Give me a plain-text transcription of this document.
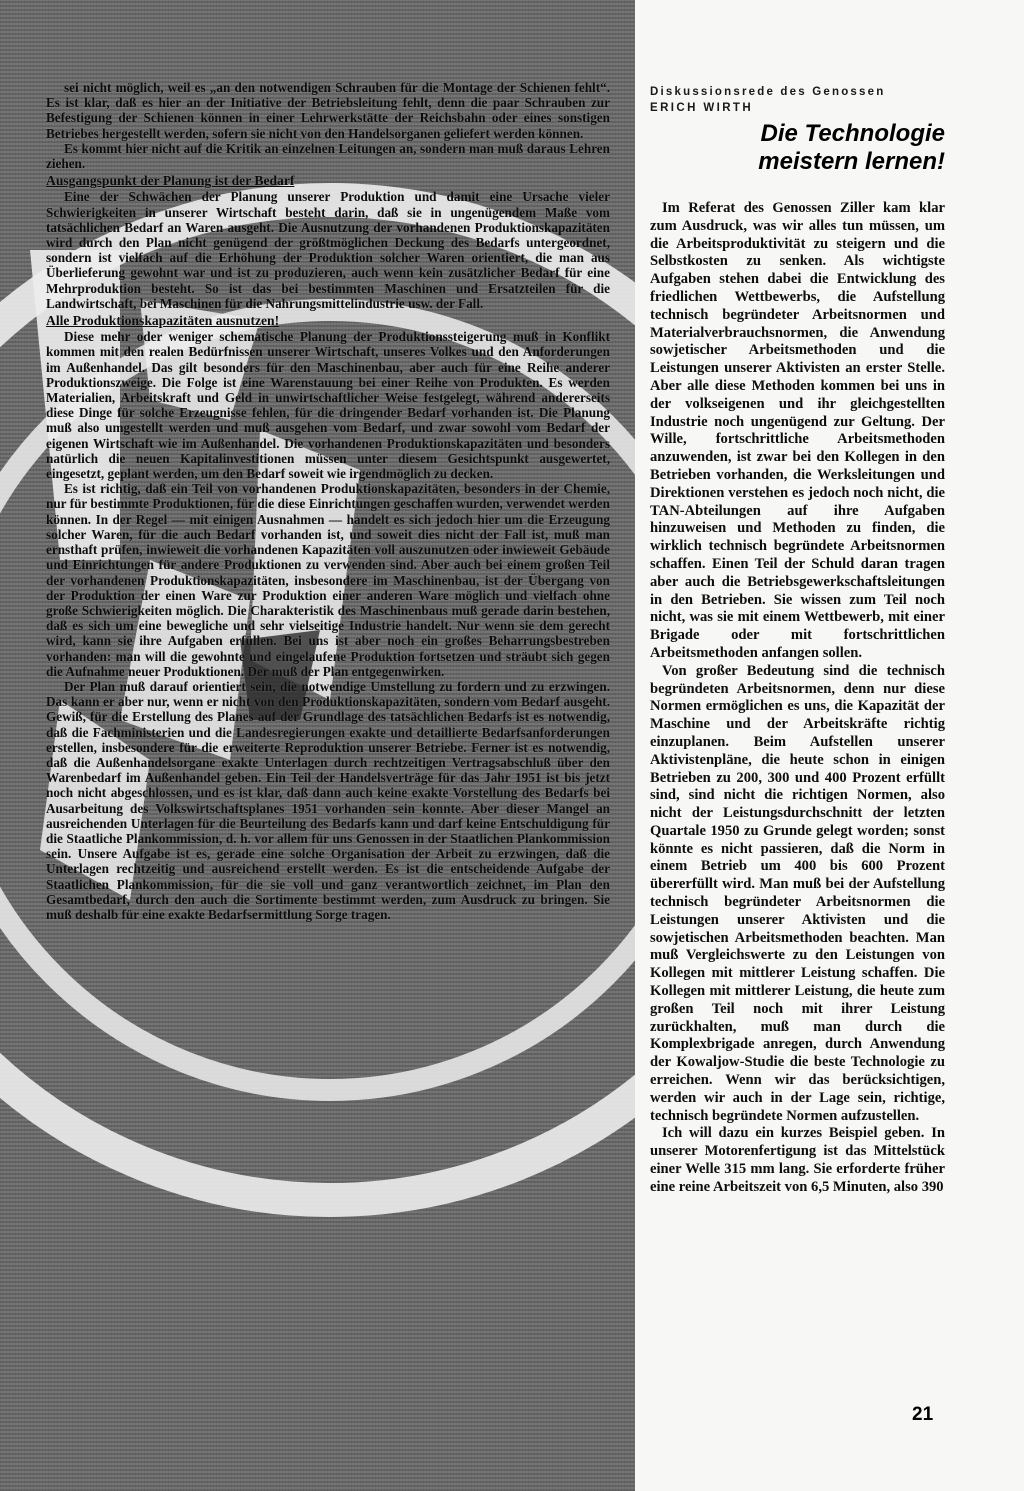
sei nicht möglich, weil es „an den notwendigen Schrauben für die Montage der Schienen fehlt“. Es ist klar, daß es hier an der Initiative der Betriebsleitung fehlt, denn die paar Schrauben zur Befestigung der Schienen können in einer Lehrwerkstätte der Reichsbahn oder eines sonstigen Betriebes hergestellt werden, sofern sie nicht von den Handelsorganen geliefert werden können.

Es kommt hier nicht auf die Kritik an einzelnen Leitungen an, sondern man muß daraus Lehren ziehen.

Ausgangspunkt der Planung ist der Bedarf

Eine der Schwächen der Planung unserer Produktion und damit eine Ursache vieler Schwierigkeiten in unserer Wirtschaft besteht darin, daß sie in ungenügendem Maße vom tatsächlichen Bedarf an Waren ausgeht. Die Ausnutzung der vorhandenen Produktionskapazitäten wird durch den Plan nicht genügend der größtmöglichen Deckung des Bedarfs untergeordnet, sondern ist vielfach auf die Erhöhung der Produktion solcher Waren orientiert, die man aus Überlieferung gewohnt war und ist zu produzieren, auch wenn kein zusätzlicher Bedarf für eine Mehrproduktion besteht. So ist das bei bestimmten Maschinen und Ersatzteilen für die Landwirtschaft, bei Maschinen für die Nahrungsmittelindustrie usw. der Fall.

Alle Produktionskapazitäten ausnutzen!

Diese mehr oder weniger schematische Planung der Produktionssteigerung muß in Konflikt kommen mit den realen Bedürfnissen unserer Wirtschaft, unseres Volkes und den Anforderungen im Außenhandel. Das gilt besonders für den Maschinenbau, aber auch für eine Reihe anderer Produktionszweige. Die Folge ist eine Warenstauung bei einer Reihe von Produkten. Es werden Materialien, Arbeitskraft und Geld in unwirtschaftlicher Weise festgelegt, während andererseits diese Dinge für solche Erzeugnisse fehlen, für die dringender Bedarf vorhanden ist. Die Planung muß also umgestellt werden und muß ausgehen vom Bedarf, und zwar sowohl vom Bedarf der eigenen Wirtschaft wie im Außenhandel. Die vorhandenen Produktionskapazitäten und besonders natürlich die neuen Kapitalinvestitionen müssen unter diesem Gesichtspunkt ausgewertet, eingesetzt, geplant werden, um den Bedarf soweit wie irgendmöglich zu decken.

Es ist richtig, daß ein Teil von vorhandenen Produktionskapazitäten, besonders in der Chemie, nur für bestimmte Produktionen, für die diese Einrichtungen geschaffen wurden, verwendet werden können. In der Regel — mit einigen Ausnahmen — handelt es sich jedoch hier um die Erzeugung solcher Waren, für die auch Bedarf vorhanden ist, und soweit dies nicht der Fall ist, muß man ernsthaft prüfen, inwieweit die vorhandenen Kapazitäten voll auszunutzen oder inwieweit Gebäude und Einrichtungen für andere Produktionen zu verwenden sind. Aber auch bei einem großen Teil der vorhandenen Produktionskapazitäten, insbesondere im Maschinenbau, ist der Übergang von der Produktion der einen Ware zur Produktion einer anderen Ware möglich und vielfach ohne große Schwierigkeiten möglich. Die Charakteristik des Maschinenbaus muß gerade darin bestehen, daß es sich um eine bewegliche und sehr vielseitige Industrie handelt. Nur wenn sie dem gerecht wird, kann sie ihre Aufgaben erfüllen. Bei uns ist aber noch ein großes Beharrungsbestreben vorhanden: man will die gewohnte und eingelaufene Produktion fortsetzen und sträubt sich gegen die Aufnahme neuer Produktionen. Der muß der Plan entgegenwirken.

Der Plan muß darauf orientiert sein, die notwendige Umstellung zu fordern und zu erzwingen. Das kann er aber nur, wenn er nicht von den Produktionskapazitäten, sondern vom Bedarf ausgeht. Gewiß, für die Erstellung des Planes auf der Grundlage des tatsächlichen Bedarfs ist es notwendig, daß die Fachministerien und die Landesregierungen exakte und detaillierte Bedarfsanforderungen erstellen, insbesondere für die erweiterte Reproduktion unserer Betriebe. Ferner ist es notwendig, daß die Außenhandelsorgane exakte Unterlagen durch rechtzeitigen Vertragsabschluß über den Warenbedarf im Außenhandel geben. Ein Teil der Handelsverträge für das Jahr 1951 ist bis jetzt noch nicht abgeschlossen, und es ist klar, daß dann auch keine exakte Vorstellung des Bedarfs bei Ausarbeitung des Volkswirtschaftsplanes 1951 vorhanden sein konnte. Aber dieser Mangel an ausreichenden Unterlagen für die Beurteilung des Bedarfs kann und darf keine Entschuldigung für die Staatliche Plankommission, d. h. vor allem für uns Genossen in der Staatlichen Plankommission sein. Unsere Aufgabe ist es, gerade eine solche Organisation der Arbeit zu erzwingen, daß die Unterlagen rechtzeitig und ausreichend erstellt werden. Es ist die entscheidende Aufgabe der Staatlichen Plankommission, für die sie voll und ganz verantwortlich zeichnet, im Plan den Gesamtbedarf, durch den auch die Sortimente bestimmt werden, zum Ausdruck zu bringen. Sie muß deshalb für eine exakte Bedarfsermittlung Sorge tragen.

Diskussionsrede des Genossen

ERICH WIRTH

Die Technologie
meistern lernen!

Im Referat des Genossen Ziller kam klar zum Ausdruck, was wir alles tun müssen, um die Arbeitsproduktivität zu steigern und die Selbstkosten zu senken. Als wichtigste Aufgaben stehen dabei die Entwicklung des friedlichen Wettbewerbs, die Aufstellung technisch begründeter Arbeitsnormen und Materialverbrauchsnormen, die Anwendung sowjetischer Arbeitsmethoden und die Leistungen unserer Aktivisten an erster Stelle. Aber alle diese Methoden kommen bei uns in der volkseigenen und ihr gleichgestellten Industrie noch ungenügend zur Geltung. Der Wille, fortschrittliche Arbeitsmethoden anzuwenden, ist zwar bei den Kollegen in den Betrieben vorhanden, die Werksleitungen und Direktionen verstehen es jedoch noch nicht, die TAN-Abteilungen auf ihre Aufgaben hinzuweisen und Methoden zu finden, die wirklich technisch begründete Arbeitsnormen schaffen. Einen Teil der Schuld daran tragen aber auch die Betriebsgewerkschaftsleitungen in den Betrieben. Sie wissen zum Teil noch nicht, was sie mit einem Wettbewerb, mit einer Brigade oder mit fortschrittlichen Arbeitsmethoden anfangen sollen.

Von großer Bedeutung sind die technisch begründeten Arbeitsnormen, denn nur diese Normen ermöglichen es uns, die Kapazität der Maschine und der Arbeitskräfte richtig einzuplanen. Beim Aufstellen unserer Aktivistenpläne, die heute schon in einigen Betrieben zu 200, 300 und 400 Prozent erfüllt sind, sind nicht die richtigen Normen, also nicht der Leistungsdurchschnitt der letzten Quartale 1950 zu Grunde gelegt worden; sonst könnte es nicht passieren, daß die Norm in einem Betrieb um 400 bis 600 Prozent übererfüllt wird. Man muß bei der Aufstellung technisch begründeter Arbeitsnormen die Leistungen unserer Aktivisten und die sowjetischen Arbeitsmethoden beachten. Man muß Vergleichswerte zu den Leistungen von Kollegen mit mittlerer Leistung schaffen. Die Kollegen mit mittlerer Leistung, die heute zum großen Teil noch mit ihrer Leistung zurückhalten, muß man durch die Komplexbrigade anregen, durch Anwendung der Kowaljow-Studie die beste Technologie zu erreichen. Wenn wir das berücksichtigen, werden wir auch in der Lage sein, richtige, technisch begründete Normen aufzustellen.

Ich will dazu ein kurzes Beispiel geben. In unserer Motorenfertigung ist das Mittelstück einer Welle 315 mm lang. Sie erforderte früher eine reine Arbeitszeit von 6,5 Minuten, also 390

21
